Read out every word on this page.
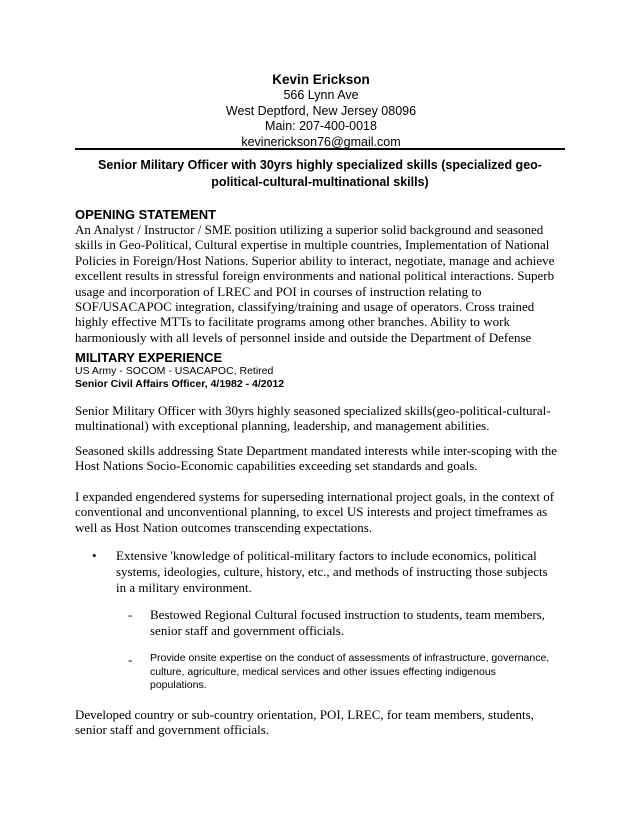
Kevin Erickson
566 Lynn Ave
West Deptford, New Jersey 08096
Main: 207-400-0018
kevinerickson76@gmail.com
Senior Military Officer with 30yrs highly specialized skills (specialized geo-political-cultural-multinational skills)
OPENING STATEMENT
An Analyst / Instructor / SME position utilizing a superior solid background and seasoned skills in Geo-Political, Cultural expertise in multiple countries, Implementation of National Policies in Foreign/Host Nations. Superior ability to interact, negotiate, manage and achieve excellent results in stressful foreign environments and national political interactions. Superb usage and incorporation of LREC and POI in courses of instruction relating to SOF/USACAPOC integration, classifying/training and usage of operators. Cross trained highly effective MTTs to facilitate programs among other branches. Ability to work harmoniously with all levels of personnel inside and outside the Department of Defense
MILITARY EXPERIENCE
US Army - SOCOM - USACAPOC, Retired
Senior Civil Affairs Officer, 4/1982 - 4/2012
Senior Military Officer with 30yrs highly seasoned specialized skills(geo-political-cultural-multinational) with exceptional planning, leadership, and management abilities.
Seasoned skills addressing State Department mandated interests while inter-scoping with the Host Nations Socio-Economic capabilities exceeding set standards and goals.
I expanded engendered systems for superseding international project goals, in the context of conventional and unconventional planning, to excel US interests and project timeframes as well as Host Nation outcomes transcending expectations.
• Extensive 'knowledge of political-military factors to include economics, political systems, ideologies, culture, history, etc., and methods of instructing those subjects in a military environment.
- Bestowed Regional Cultural focused instruction to students, team members, senior staff and government officials.
- Provide onsite expertise on the conduct of assessments of infrastructure, governance, culture, agriculture, medical services and other issues effecting indigenous populations.
Developed country or sub-country orientation, POI, LREC, for team members, students, senior staff and government officials.
